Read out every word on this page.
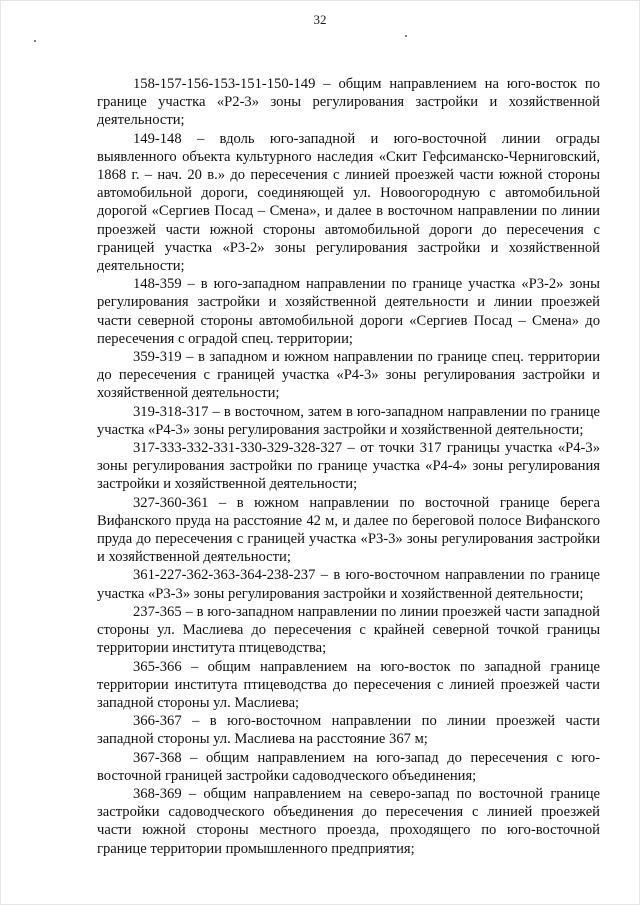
32

158-157-156-153-151-150-149 – общим направлением на юго-восток по границе участка «Р2-3» зоны регулирования застройки и хозяйственной деятельности;

149-148 – вдоль юго-западной и юго-восточной линии ограды выявленного объекта культурного наследия «Скит Гефсиманско-Черниговский, 1868 г. – нач. 20 в.» до пересечения с линией проезжей части южной стороны автомобильной дороги, соединяющей ул. Новоогородную с автомобильной дорогой «Сергиев Посад – Смена», и далее в восточном направлении по линии проезжей части южной стороны автомобильной дороги до пересечения с границей участка «Р3-2» зоны регулирования застройки и хозяйственной деятельности;

148-359 – в юго-западном направлении по границе участка «Р3-2» зоны регулирования застройки и хозяйственной деятельности и линии проезжей части северной стороны автомобильной дороги «Сергиев Посад – Смена» до пересечения с оградой спец. территории;

359-319 – в западном и южном направлении по границе спец. территории до пересечения с границей участка «Р4-3» зоны регулирования застройки и хозяйственной деятельности;

319-318-317 – в восточном, затем в юго-западном направлении по границе участка «Р4-3» зоны регулирования застройки и хозяйственной деятельности;

317-333-332-331-330-329-328-327 – от точки 317 границы участка «Р4-3» зоны регулирования застройки по границе участка «Р4-4» зоны регулирования застройки и хозяйственной деятельности;

327-360-361 – в южном направлении по восточной границе берега Вифанского пруда на расстояние 42 м, и далее по береговой полосе Вифанского пруда до пересечения с границей участка «Р3-3» зоны регулирования застройки и хозяйственной деятельности;

361-227-362-363-364-238-237 – в юго-восточном направлении по границе участка «Р3-3» зоны регулирования застройки и хозяйственной деятельности;

237-365 – в юго-западном направлении по линии проезжей части западной стороны ул. Маслиева до пересечения с крайней северной точкой границы территории института птицеводства;

365-366 – общим направлением на юго-восток по западной границе территории института птицеводства до пересечения с линией проезжей части западной стороны ул. Маслиева;

366-367 – в юго-восточном направлении по линии проезжей части западной стороны ул. Маслиева на расстояние 367 м;

367-368 – общим направлением на юго-запад до пересечения с юго-восточной границей застройки садоводческого объединения;

368-369 – общим направлением на северо-запад по восточной границе застройки садоводческого объединения до пересечения с линией проезжей части южной стороны местного проезда, проходящего по юго-восточной границе территории промышленного предприятия;
